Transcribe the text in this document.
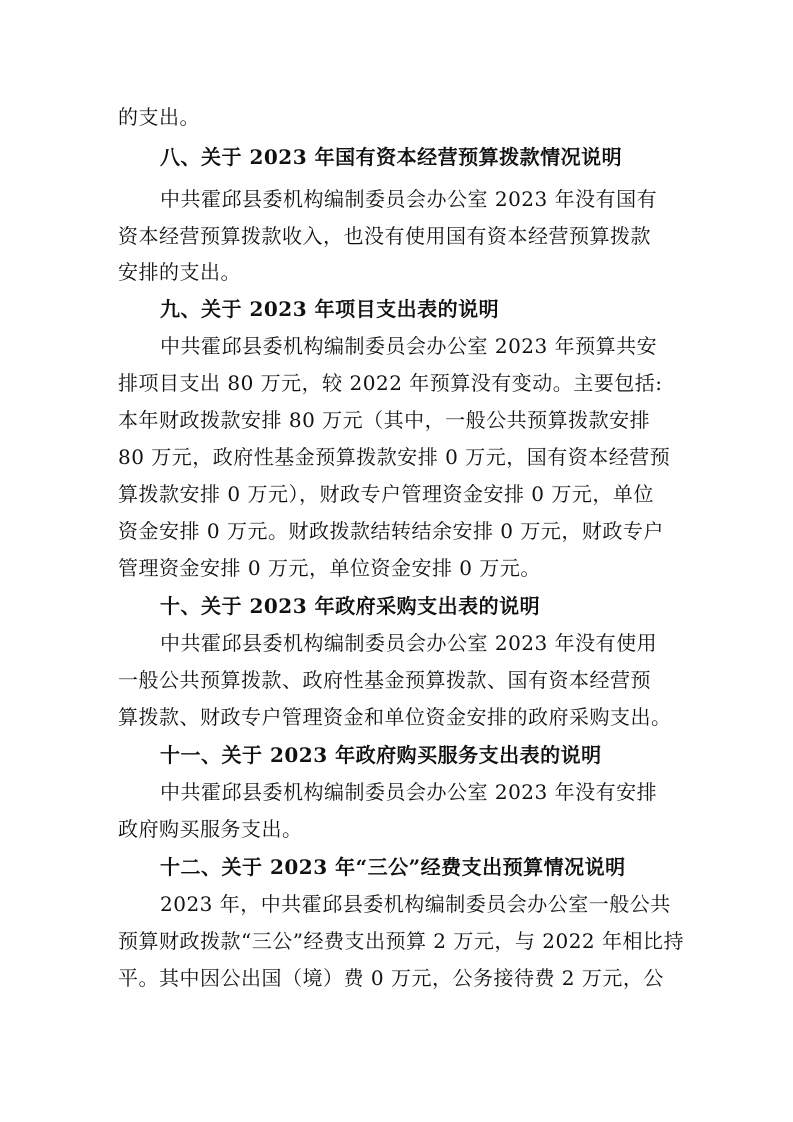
的支出。
八、关于 2023 年国有资本经营预算拨款情况说明
中共霍邱县委机构编制委员会办公室 2023 年没有国有
资本经营预算拨款收入，也没有使用国有资本经营预算拨款
安排的支出。
九、关于 2023 年项目支出表的说明
中共霍邱县委机构编制委员会办公室 2023 年预算共安
排项目支出 80 万元，较 2022 年预算没有变动。主要包括:
本年财政拨款安排 80 万元（其中，一般公共预算拨款安排
80 万元，政府性基金预算拨款安排 0 万元，国有资本经营预
算拨款安排 0 万元），财政专户管理资金安排 0 万元，单位
资金安排 0 万元。财政拨款结转结余安排 0 万元，财政专户
管理资金安排 0 万元，单位资金安排 0 万元。
十、关于 2023 年政府采购支出表的说明
中共霍邱县委机构编制委员会办公室 2023 年没有使用
一般公共预算拨款、政府性基金预算拨款、国有资本经营预
算拨款、财政专户管理资金和单位资金安排的政府采购支出。
十一、关于 2023 年政府购买服务支出表的说明
中共霍邱县委机构编制委员会办公室 2023 年没有安排
政府购买服务支出。
十二、关于 2023 年“三公”经费支出预算情况说明
2023 年，中共霍邱县委机构编制委员会办公室一般公共
预算财政拨款“三公”经费支出预算 2 万元，与 2022 年相比持
平。其中因公出国（境）费 0 万元，公务接待费 2 万元，公
